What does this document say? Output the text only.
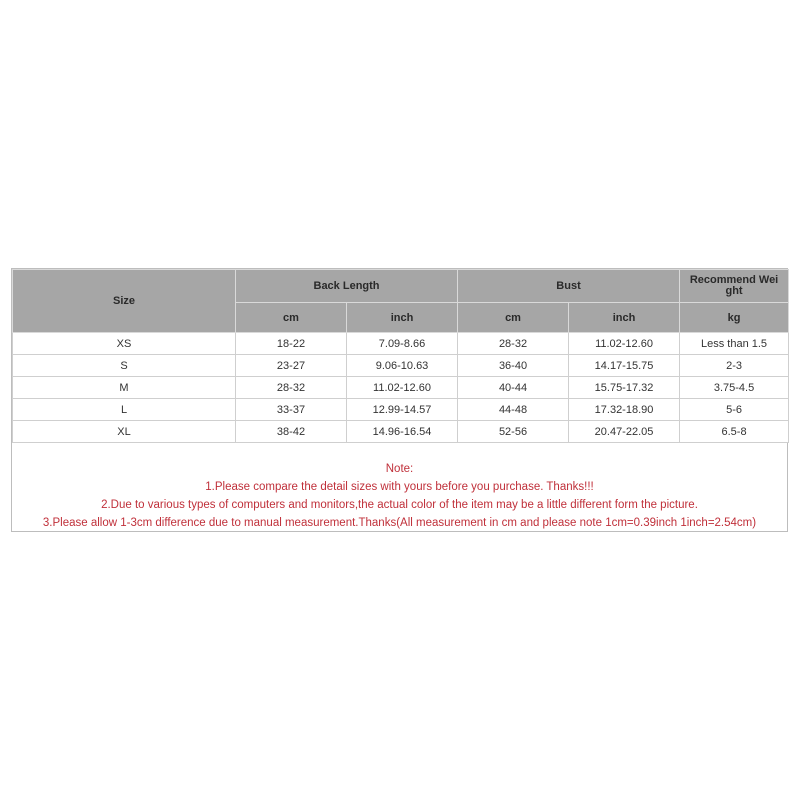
Size	Back Length		Bust		Recommend Wei
ght
	cm	inch	cm	inch	kg
XS	18-22	7.09-8.66	28-32	11.02-12.60	Less than 1.5
S	23-27	9.06-10.63	36-40	14.17-15.75	2-3
M	28-32	11.02-12.60	40-44	15.75-17.32	3.75-4.5
L	33-37	12.99-14.57	44-48	17.32-18.90	5-6
XL	38-42	14.96-16.54	52-56	20.47-22.05	6.5-8
Note:
1.Please compare the detail sizes with yours before you purchase. Thanks!!!
2.Due to various types of computers and monitors,the actual color of the item may be a little different form the picture.
3.Please allow 1-3cm difference due to manual measurement.Thanks(All measurement in cm and please note 1cm=0.39inch 1inch=2.54cm)
